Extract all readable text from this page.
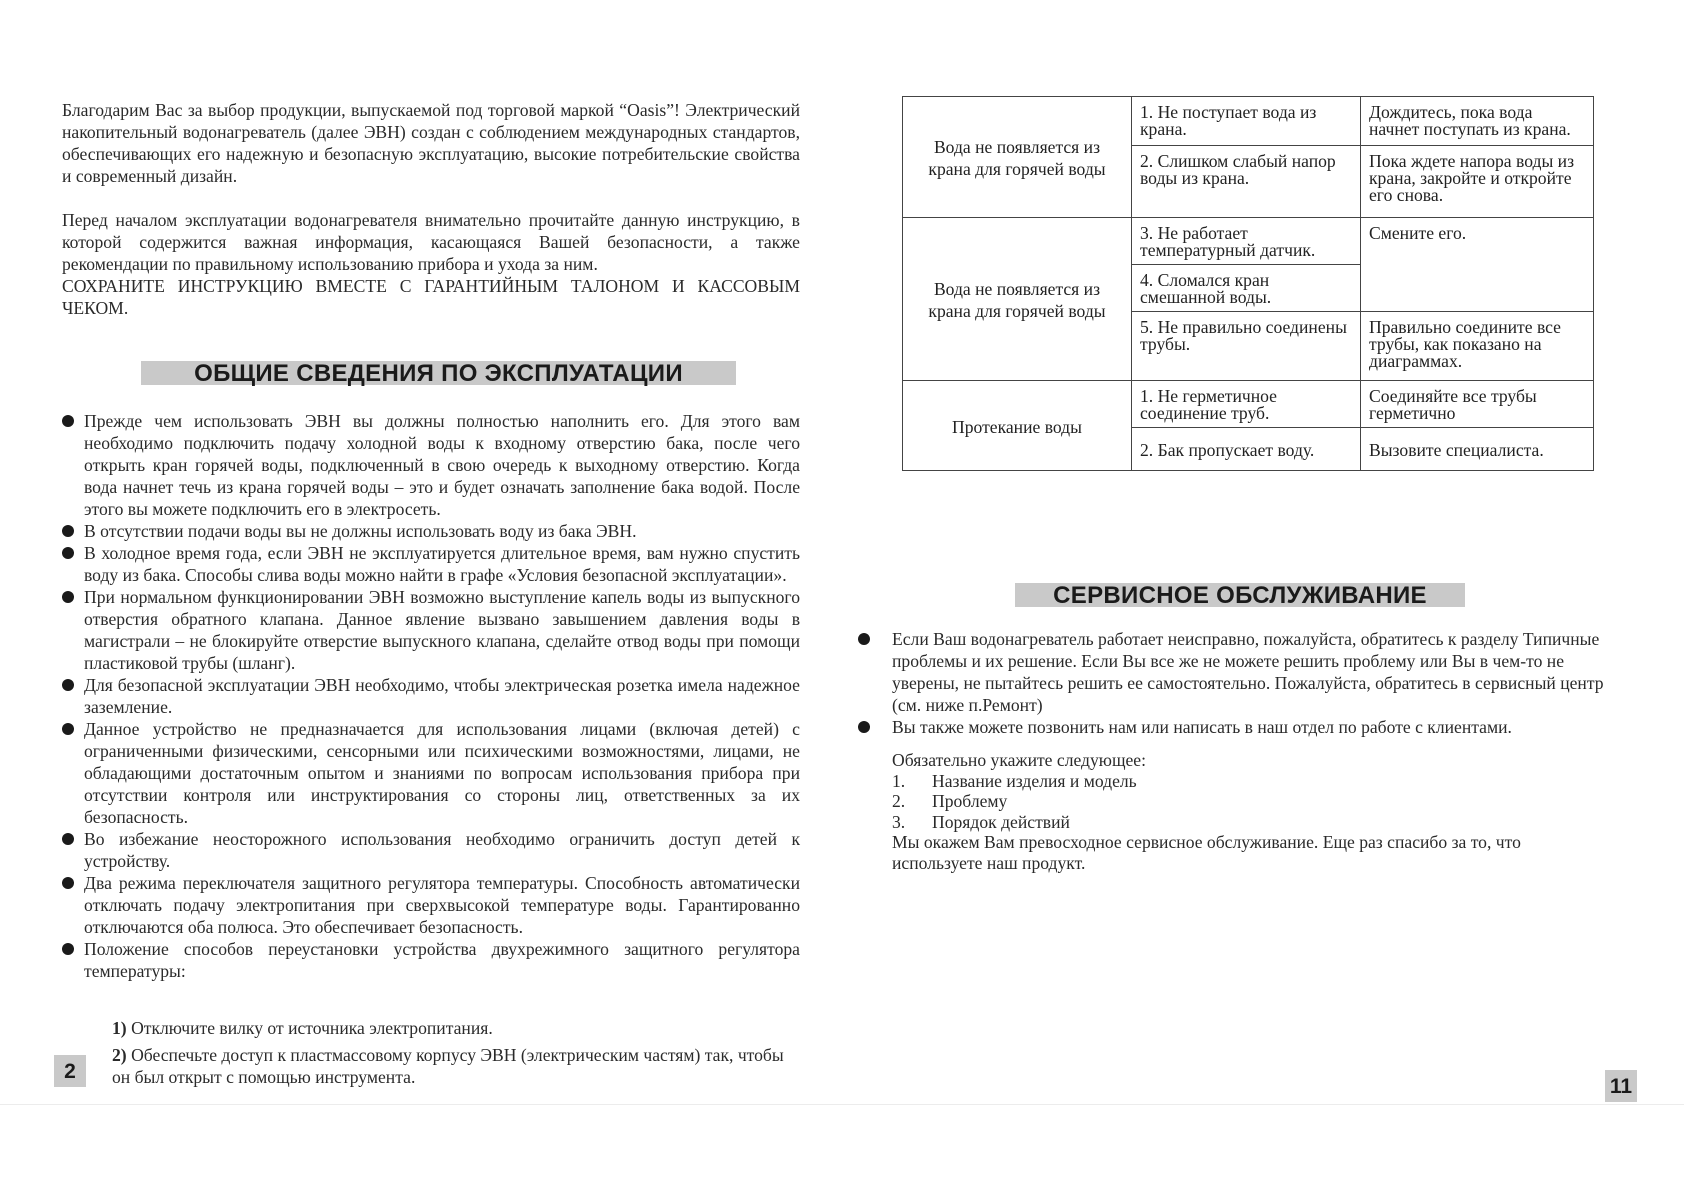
Благодарим Вас за выбор продукции, выпускаемой под торговой маркой “Oasis”! Электрический накопительный водонагреватель (далее ЭВН) создан с соблюдением международных стандартов, обеспечивающих его надежную и безопасную эксплуатацию, высокие потребительские свойства и современный дизайн.

Перед началом эксплуатации водонагревателя внимательно прочитайте данную инструкцию, в которой содержится важная информация, касающаяся Вашей безопасности, а также рекомендации по правильному использованию прибора и ухода за ним.

СОХРАНИТЕ ИНСТРУКЦИЮ ВМЕСТЕ С ГАРАНТИЙНЫМ ТАЛОНОМ И КАССОВЫМ ЧЕКОМ.

ОБЩИЕ СВЕДЕНИЯ ПО ЭКСПЛУАТАЦИИ
Прежде чем использовать ЭВН вы должны полностью наполнить его. Для этого вам необходимо подключить подачу холодной воды к входному отверстию бака, после чего открыть кран горячей воды, подключенный в свою очередь к выходному отверстию. Когда вода начнет течь из крана горячей воды – это и будет означать заполнение бака водой. После этого вы можете подключить его в электросеть.
В отсутствии подачи воды вы не должны использовать воду из бака ЭВН.
В холодное время года, если ЭВН не эксплуатируется длительное время, вам нужно спустить воду из бака. Способы слива воды можно найти в графе «Условия безопасной эксплуатации».
При нормальном функционировании ЭВН возможно выступление капель воды из выпускного отверстия обратного клапана. Данное явление вызвано завышением давления воды в магистрали – не блокируйте отверстие выпускного клапана, сделайте отвод воды при помощи пластиковой трубы (шланг).
Для безопасной эксплуатации ЭВН необходимо, чтобы электрическая розетка имела надежное заземление.
Данное устройство не предназначается для использования лицами (включая детей) с ограниченными физическими, сенсорными или психическими возможностями, лицами, не обладающими достаточным опытом и знаниями по вопросам использования прибора при отсутствии контроля или инструктирования со стороны лиц, ответственных за их безопасность.
Во избежание неосторожного использования необходимо ограничить доступ детей к устройству.
Два режима переключателя защитного регулятора температуры. Способность автоматически отключать подачу электропитания при сверхвысокой температуре воды. Гарантированно отключаются оба полюса. Это обеспечивает безопасность.
Положение способов переустановки устройства двухрежимного защитного регулятора температуры:
1) Отключите вилку от источника электропитания.
2) Обеспечьте доступ к пластмассовому корпусу ЭВН (электрическим частям) так, чтобы он был открыт с помощью инструмента.
2
Вода не появляется из крана для горячей воды	1. Не поступает вода из крана.	Дождитесь, пока вода начнет поступать из крана.
	2. Слишком слабый напор воды из крана.	Пока ждете напора воды из крана, закройте и откройте его снова.
Вода не появляется из крана для горячей воды	3. Не работает температурный датчик.	Смените его.
	4. Сломался кран смешанной воды.	
	5. Не правильно соединены трубы.	Правильно соедините все трубы, как показано на диаграммах.
Протекание воды	1. Не герметичное соединение труб.	Соединяйте все трубы герметично
	2. Бак пропускает воду.	Вызовите специалиста.
СЕРВИСНОЕ ОБСЛУЖИВАНИЕ
Если Ваш водонагреватель работает неисправно, пожалуйста, обратитесь к разделу Типичные проблемы и их решение. Если Вы все же не можете решить проблему или Вы в чем-то не уверены, не пытайтесь решить ее самостоятельно. Пожалуйста, обратитесь в сервисный центр (см. ниже п.Ремонт)
Вы также можете позвонить нам или написать в наш отдел по работе с клиентами.
Обязательно укажите следующее:
1. Название изделия и модель
2. Проблему
3. Порядок действий
Мы окажем Вам превосходное сервисное обслуживание. Еще раз спасибо за то, что используете наш продукт.
11
